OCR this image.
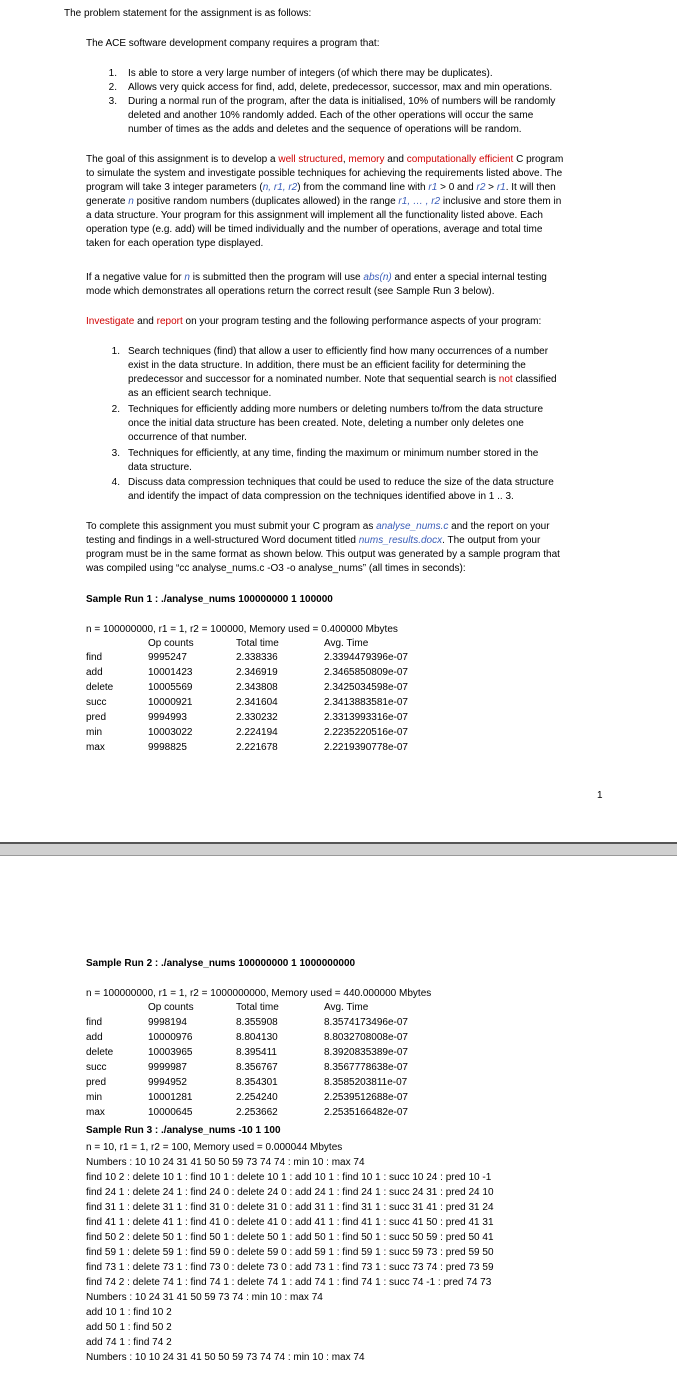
The problem statement for the assignment is as follows:
The ACE software development company requires a program that:
1. Is able to store a very large number of integers (of which there may be duplicates).
2. Allows very quick access for find, add, delete, predecessor, successor, max and min operations.
3. During a normal run of the program, after the data is initialised, 10% of numbers will be randomly
deleted and another 10% randomly added. Each of the other operations will occur the same
number of times as the adds and deletes and the sequence of operations will be random.
The goal of this assignment is to develop a well structured, memory and computationally efficient C program
to simulate the system and investigate possible techniques for achieving the requirements listed above. The
program will take 3 integer parameters (n, r1, r2) from the command line with r1 > 0 and r2 > r1. It will then
generate n positive random numbers (duplicates allowed) in the range r1, … , r2 inclusive and store them in
a data structure. Your program for this assignment will implement all the functionality listed above. Each
operation type (e.g. add) will be timed individually and the number of operations, average and total time
taken for each operation type displayed.
If a negative value for n is submitted then the program will use abs(n) and enter a special internal testing
mode which demonstrates all operations return the correct result (see Sample Run 3 below).
Investigate and report on your program testing and the following performance aspects of your program:
1. Search techniques (find) that allow a user to efficiently find how many occurrences of a number
exist in the data structure. In addition, there must be an efficient facility for determining the
predecessor and successor for a nominated number. Note that sequential search is not classified
as an efficient search technique.
2. Techniques for efficiently adding more numbers or deleting numbers to/from the data structure
once the initial data structure has been created. Note, deleting a number only deletes one
occurrence of that number.
3. Techniques for efficiently, at any time, finding the maximum or minimum number stored in the
data structure.
4. Discuss data compression techniques that could be used to reduce the size of the data structure
and identify the impact of data compression on the techniques identified above in 1 .. 3.
To complete this assignment you must submit your C program as analyse_nums.c and the report on your
testing and findings in a well-structured Word document titled nums_results.docx. The output from your
program must be in the same format as shown below. This output was generated by a sample program that
was compiled using “cc analyse_nums.c -O3 -o analyse_nums” (all times in seconds):
Sample Run 1 : ./analyse_nums 100000000 1 100000
n = 100000000, r1 = 1, r2 = 100000, Memory used = 0.400000 Mbytes
Op counts	Total time	Avg. Time
find	9995247	2.338336	2.3394479396e-07
add	10001423	2.346919	2.3465850809e-07
delete	10005569	2.343808	2.3425034598e-07
succ	10000921	2.341604	2.3413883581e-07
pred	9994993	2.330232	2.3313993316e-07
min	10003022	2.224194	2.2235220516e-07
max	9998825	2.221678	2.2219390778e-07
1
Sample Run 2 : ./analyse_nums 100000000 1 1000000000
n = 100000000, r1 = 1, r2 = 1000000000, Memory used = 440.000000 Mbytes
Op counts	Total time	Avg. Time
find	9998194	8.355908	8.3574173496e-07
add	10000976	8.804130	8.8032708008e-07
delete	10003965	8.395411	8.3920835389e-07
succ	9999987	8.356767	8.3567778638e-07
pred	9994952	8.354301	8.3585203811e-07
min	10001281	2.254240	2.2539512688e-07
max	10000645	2.253662	2.2535166482e-07
Sample Run 3 : ./analyse_nums -10 1 100
n = 10, r1 = 1, r2 = 100, Memory used = 0.000044 Mbytes
Numbers : 10 10 24 31 41 50 50 59 73 74 74 : min 10 : max 74
find 10 2 : delete 10 1 : find 10 1 : delete 10 1 : add 10 1 : find 10 1 : succ 10 24 : pred 10 -1
find 24 1 : delete 24 1 : find 24 0 : delete 24 0 : add 24 1 : find 24 1 : succ 24 31 : pred 24 10
find 31 1 : delete 31 1 : find 31 0 : delete 31 0 : add 31 1 : find 31 1 : succ 31 41 : pred 31 24
find 41 1 : delete 41 1 : find 41 0 : delete 41 0 : add 41 1 : find 41 1 : succ 41 50 : pred 41 31
find 50 2 : delete 50 1 : find 50 1 : delete 50 1 : add 50 1 : find 50 1 : succ 50 59 : pred 50 41
find 59 1 : delete 59 1 : find 59 0 : delete 59 0 : add 59 1 : find 59 1 : succ 59 73 : pred 59 50
find 73 1 : delete 73 1 : find 73 0 : delete 73 0 : add 73 1 : find 73 1 : succ 73 74 : pred 73 59
find 74 2 : delete 74 1 : find 74 1 : delete 74 1 : add 74 1 : find 74 1 : succ 74 -1 : pred 74 73
Numbers : 10 24 31 41 50 59 73 74 : min 10 : max 74
add 10 1 : find 10 2
add 50 1 : find 50 2
add 74 1 : find 74 2
Numbers : 10 10 24 31 41 50 50 59 73 74 74 : min 10 : max 74
